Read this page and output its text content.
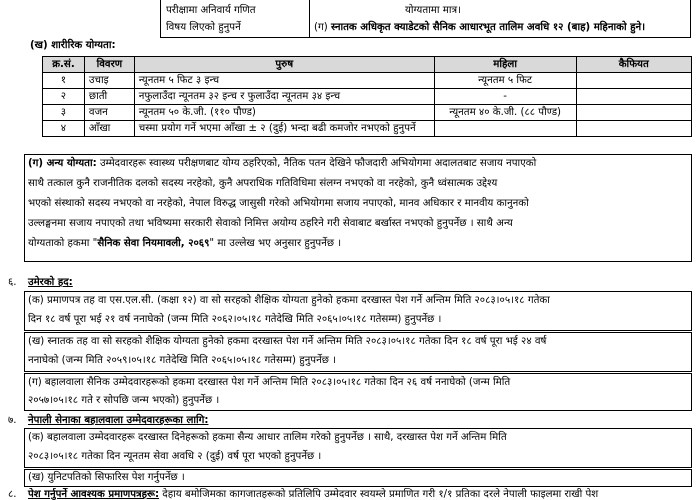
परीक्षामा अनिवार्य गणित
विषय लिएको हुनुपर्ने
योग्यतामा मात्र।
(ग) स्नातक अधिकृत क्याडेटको सैनिक आधारभूत तालिम अवधि १२ (बाह) महिनाको हुने।
(ख) शारीरिक योग्यता:
क्र.सं.	विवरण	पुरुष	महिला	कैफियत
१	उचाइ	न्यूनतम ५ फिट ३ इन्च	न्यूनतम ५ फिट	
२	छाती	नफुलाउँदा न्यूनतम ३२ इन्च र फुलाउँदा न्यूनतम ३४ इन्च	-	
३	वजन	न्यूनतम ५० के.जी. (११० पौण्ड)	न्यूनतम ४० के.जी. (८८ पौण्ड)	
४	आँखा	चस्मा प्रयोग गर्ने भएमा आँखा ± २ (दुई) भन्दा बढी कमजोर नभएको हुनुपर्ने		
(ग) अन्य योग्यता: उम्मेदवारहरू स्वास्थ्य परीक्षणबाट योग्य ठहरिएको, नैतिक पतन देखिने फौजदारी अभियोगमा अदालतबाट सजाय नपाएको
साथै तत्काल कुनै राजनीतिक दलको सदस्य नरहेको, कुनै अपराधिक गतिविधिमा संलग्न नभएको वा नरहेको, कुनै ध्वंसात्मक उद्देश्य
भएको संस्थाको सदस्य नभएको वा नरहेको, नेपाल विरुद्ध जासुसी गरेको अभियोगमा सजाय नपाएको, मानव अधिकार र मानवीय कानुनको
उल्लङ्घनमा सजाय नपाएको तथा भविष्यमा सरकारी सेवाको निमित्त अयोग्य ठहरिने गरी सेवाबाट बर्खास्त नभएको हुनुपर्नेछ । साथै अन्य
योग्यताको हकमा "सैनिक सेवा नियमावली, २०६९" मा उल्लेख भए अनुसार हुनुपर्नेछ ।
६. उमेरको हद:
(क) प्रमाणपत्र तह वा एस.एल.सी. (कक्षा १२) वा सो सरहको शैक्षिक योग्यता हुनेको हकमा दरखास्त पेश गर्ने अन्तिम मिति २०८३।०५।१८ गतेका
दिन १८ वर्ष पूरा भई २१ वर्ष ननाघेको (जन्म मिति २०६२।०५।१८ गतेदेखि मिति २०६५।०५।१८ गतेसम्म) हुनुपर्नेछ ।
(ख) स्नातक तह वा सो सरहको शैक्षिक योग्यता हुनेको हकमा दरखास्त पेश गर्ने अन्तिम मिति २०८३।०५।१८ गतेका दिन १८ वर्ष पूरा भई २४ वर्ष
ननाघेको (जन्म मिति २०५९।०५।१८ गतेदेखि मिति २०६५।०५।१८ गतेसम्म) हुनुपर्नेछ ।
(ग) बहालवाला सैनिक उम्मेदवारहरूको हकमा दरखास्त पेश गर्ने अन्तिम मिति २०८३।०५।१८ गतेका दिन २६ वर्ष ननाघेको (जन्म मिति
२०५७।०५।१८ गते र सोपछि जन्म भएको) हुनुपर्नेछ ।
७. नेपाली सेनाका बहालवाला उम्मेदवारहरूका लागि:
(क) बहालवाला उम्मेदवारहरू दरखास्त दिनेहरूको हकमा सैन्य आधार तालिम गरेको हुनुपर्नेछ । साथै, दरखास्त पेश गर्ने अन्तिम मिति
२०८३।०५।१८ गतेका दिन न्यूनतम सेवा अवधि २ (दुई) वर्ष पूरा भएको हुनुपर्नेछ ।
(ख) युनिटपतिको सिफारिस पेश गर्नुपर्नेछ ।
८. पेश गर्नुपर्ने आवश्यक प्रमाणपत्रहरू: देहाय बमोजिमका कागजातहरूको प्रतिलिपि उम्मेदवार स्वयम्ले प्रमाणित गरी १/१ प्रतिका दरले नेपाली फाइलमा राखी पेश
